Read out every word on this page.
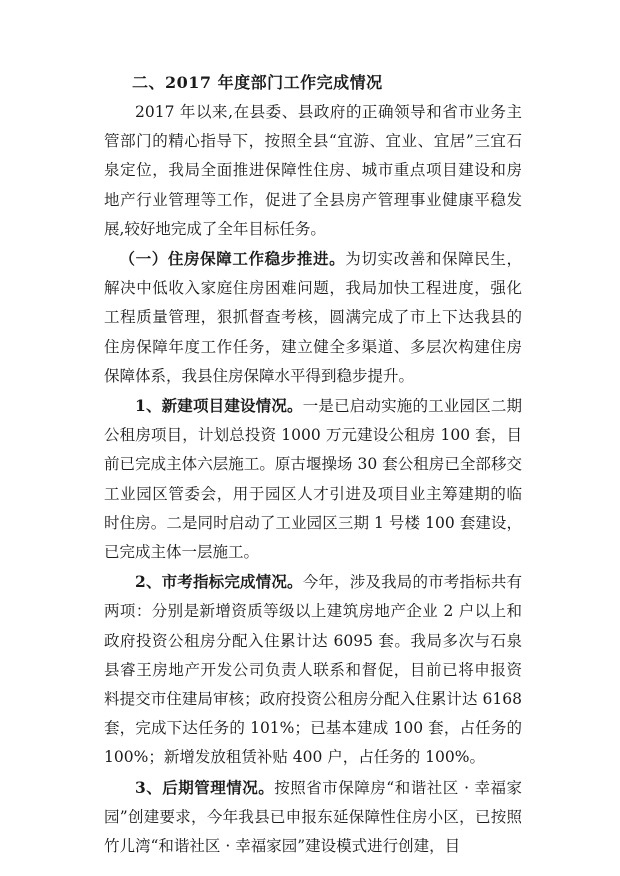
二、2017 年度部门工作完成情况

2017 年以来,在县委、县政府的正确领导和省市业务主管部门的精心指导下，按照全县“宜游、宜业、宜居”三宜石泉定位，我局全面推进保障性住房、城市重点项目建设和房地产行业管理等工作，促进了全县房产管理事业健康平稳发展,较好地完成了全年目标任务。

（一）住房保障工作稳步推进。为切实改善和保障民生，解决中低收入家庭住房困难问题，我局加快工程进度，强化工程质量管理，狠抓督查考核，圆满完成了市上下达我县的住房保障年度工作任务，建立健全多渠道、多层次构建住房保障体系，我县住房保障水平得到稳步提升。

1、新建项目建设情况。一是已启动实施的工业园区二期公租房项目，计划总投资 1000 万元建设公租房 100 套，目前已完成主体六层施工。原古堰操场 30 套公租房已全部移交工业园区管委会，用于园区人才引进及项目业主筹建期的临时住房。二是同时启动了工业园区三期 1 号楼 100 套建设，已完成主体一层施工。

2、市考指标完成情况。今年，涉及我局的市考指标共有两项：分别是新增资质等级以上建筑房地产企业 2 户以上和政府投资公租房分配入住累计达 6095 套。我局多次与石泉县睿王房地产开发公司负责人联系和督促，目前已将申报资料提交市住建局审核；政府投资公租房分配入住累计达 6168 套，完成下达任务的 101%；已基本建成 100 套，占任务的 100%；新增发放租赁补贴 400 户，占任务的 100%。

3、后期管理情况。按照省市保障房“和谐社区 · 幸福家园”创建要求，今年我县已申报东延保障性住房小区，已按照竹儿湾“和谐社区 · 幸福家园”建设模式进行创建，目
